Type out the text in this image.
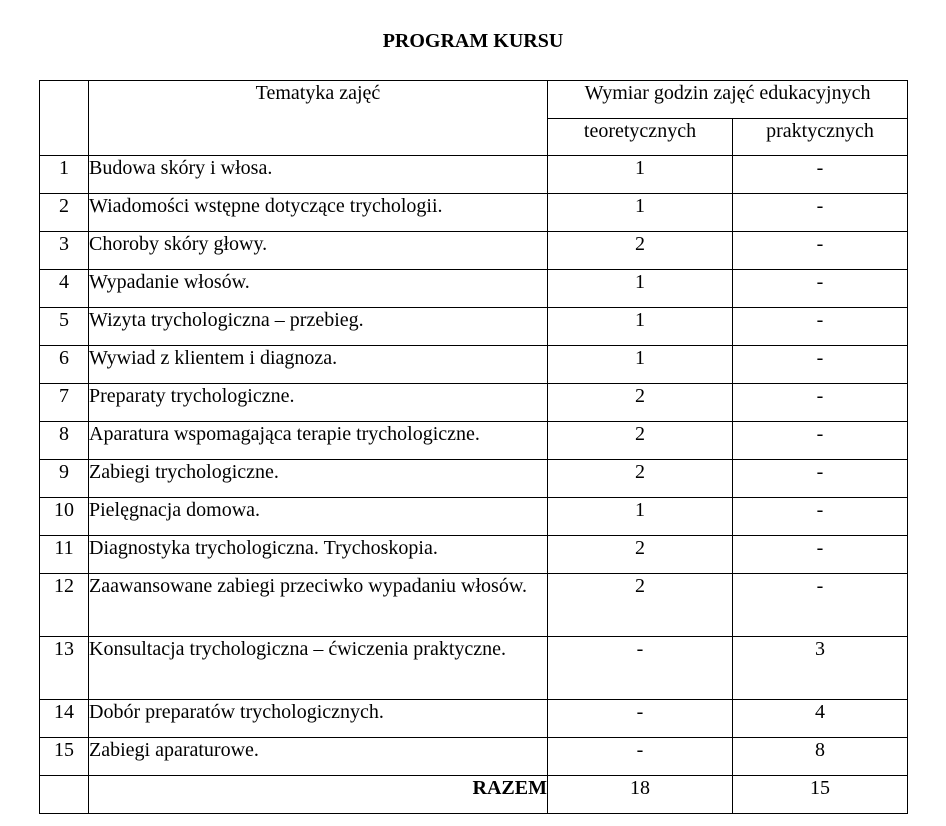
PROGRAM KURSU
	Tematyka zajęć	Wymiar godzin zajęć edukacyjnych	
		teoretycznych	praktycznych
1	Budowa skóry i włosa.	1	-
2	Wiadomości wstępne dotyczące trychologii.	1	-
3	Choroby skóry głowy.	2	-
4	Wypadanie włosów.	1	-
5	Wizyta trychologiczna – przebieg.	1	-
6	Wywiad z klientem i diagnoza.	1	-
7	Preparaty trychologiczne.	2	-
8	Aparatura wspomagająca terapie trychologiczne.	2	-
9	Zabiegi trychologiczne.	2	-
10	Pielęgnacja domowa.	1	-
11	Diagnostyka trychologiczna. Trychoskopia.	2	-
12	Zaawansowane zabiegi przeciwko wypadaniu włosów.	2	-
13	Konsultacja trychologiczna – ćwiczenia praktyczne.	-	3
14	Dobór preparatów trychologicznych.	-	4
15	Zabiegi aparaturowe.	-	8
	RAZEM	18	15
